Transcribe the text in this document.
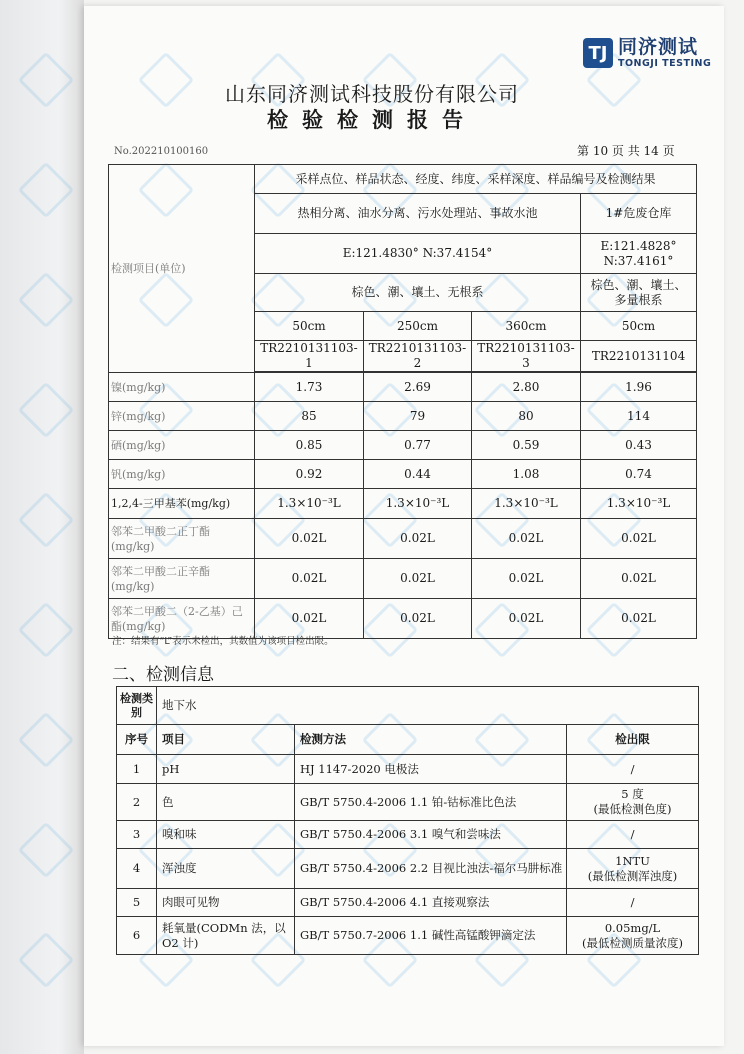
TJ 同济测试
TONGJI TESTING
山东同济测试科技股份有限公司
检验检测报告
No.202210100160	第 10 页 共 14 页
检测项目(单位)	采样点位、样品状态、经度、纬度、采样深度、样品编号及检测结果			
	热相分离、油水分离、污水处理站、事故水池			1#危废仓库
	E:121.4830° N:37.4154°			E:121.4828°
N:37.4161°
	棕色、潮、壤土、无根系			棕色、潮、壤土、
多量根系
	50cm	250cm	360cm	50cm
	TR2210131103-1	TR2210131103-2	TR2210131103-3	TR2210131104

镍(mg/kg)	1.73	2.69	2.80	1.96
锌(mg/kg)	85	79	80	114
硒(mg/kg)	0.85	0.77	0.59	0.43
钒(mg/kg)	0.92	0.44	1.08	0.74
1,2,4-三甲基苯(mg/kg)	1.3×10⁻³L	1.3×10⁻³L	1.3×10⁻³L	1.3×10⁻³L
邻苯二甲酸二正丁酯(mg/kg)	0.02L	0.02L	0.02L	0.02L
邻苯二甲酸二正辛酯(mg/kg)	0.02L	0.02L	0.02L	0.02L
邻苯二甲酸二（2-乙基）己酯(mg/kg)	0.02L	0.02L	0.02L	0.02L
注：结果有“L”表示未检出，其数值为该项目检出限。
二、检测信息
检测类别	地下水		
序号	项目	检测方法	检出限
1	pH	HJ 1147-2020 电极法	/
2	色	GB/T 5750.4-2006 1.1 铂-钴标准比色法	5 度
(最低检测色度)
3	嗅和味	GB/T 5750.4-2006 3.1 嗅气和尝味法	/
4	浑浊度	GB/T 5750.4-2006 2.2 目视比浊法-福尔马肼标准	1NTU
(最低检测浑浊度)
5	肉眼可见物	GB/T 5750.4-2006 4.1 直接观察法	/
6	耗氧量(CODMn 法，以O2 计)	GB/T 5750.7-2006 1.1 碱性高锰酸钾滴定法	0.05mg/L
(最低检测质量浓度)
